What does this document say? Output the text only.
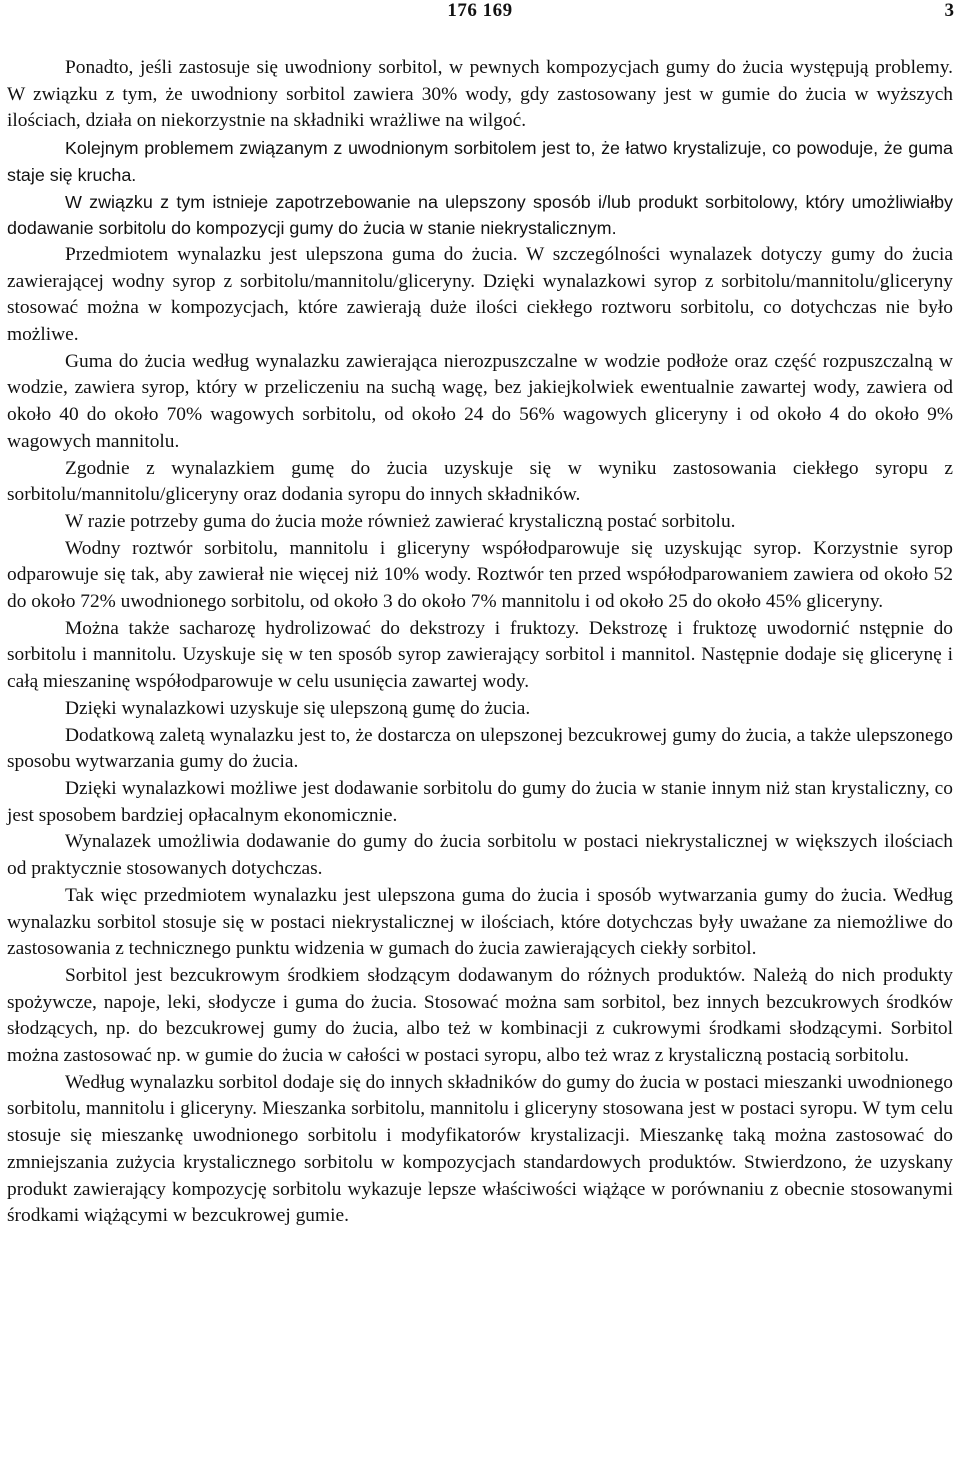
176 169	3

Ponadto, jeśli zastosuje się uwodniony sorbitol, w pewnych kompozycjach gumy do żucia występują problemy. W związku z tym, że uwodniony sorbitol zawiera 30% wody, gdy zastosowany jest w gumie do żucia w wyższych ilościach, działa on niekorzystnie na składniki wrażliwe na wilgoć.

Kolejnym problemem związanym z uwodnionym sorbitolem jest to, że łatwo krystalizuje, co powoduje, że guma staje się krucha.

W związku z tym istnieje zapotrzebowanie na ulepszony sposób i/lub produkt sorbitolowy, który umożliwiałby dodawanie sorbitolu do kompozycji gumy do żucia w stanie niekrystalicznym.

Przedmiotem wynalazku jest ulepszona guma do żucia. W szczególności wynalazek dotyczy gumy do żucia zawierającej wodny syrop z sorbitolu/mannitolu/gliceryny. Dzięki wynalazkowi syrop z sorbitolu/mannitolu/gliceryny stosować można w kompozycjach, które zawierają duże ilości ciekłego roztworu sorbitolu, co dotychczas nie było możliwe.

Guma do żucia według wynalazku zawierająca nierozpuszczalne w wodzie podłoże oraz część rozpuszczalną w wodzie, zawiera syrop, który w przeliczeniu na suchą wagę, bez jakiejkolwiek ewentualnie zawartej wody, zawiera od około 40 do około 70% wagowych sorbitolu, od około 24 do 56% wagowych gliceryny i od około 4 do około 9% wagowych mannitolu.

Zgodnie z wynalazkiem gumę do żucia uzyskuje się w wyniku zastosowania ciekłego syropu z sorbitolu/mannitolu/gliceryny oraz dodania syropu do innych składników.

W razie potrzeby guma do żucia może również zawierać krystaliczną postać sorbitolu.

Wodny roztwór sorbitolu, mannitolu i gliceryny współodparowuje się uzyskując syrop. Korzystnie syrop odparowuje się tak, aby zawierał nie więcej niż 10% wody. Roztwór ten przed współodparowaniem zawiera od około 52 do około 72% uwodnionego sorbitolu, od około 3 do około 7% mannitolu i od około 25 do około 45% gliceryny.

Można także sacharozę hydrolizować do dekstrozy i fruktozy. Dekstrozę i fruktozę uwodornić nstępnie do sorbitolu i mannitolu. Uzyskuje się w ten sposób syrop zawierający sorbitol i mannitol. Następnie dodaje się glicerynę i całą mieszaninę współodparowuje w celu usunięcia zawartej wody.

Dzięki wynalazkowi uzyskuje się ulepszoną gumę do żucia.

Dodatkową zaletą wynalazku jest to, że dostarcza on ulepszonej bezcukrowej gumy do żucia, a także ulepszonego sposobu wytwarzania gumy do żucia.

Dzięki wynalazkowi możliwe jest dodawanie sorbitolu do gumy do żucia w stanie innym niż stan krystaliczny, co jest sposobem bardziej opłacalnym ekonomicznie.

Wynalazek umożliwia dodawanie do gumy do żucia sorbitolu w postaci niekrystalicznej w większych ilościach od praktycznie stosowanych dotychczas.

Tak więc przedmiotem wynalazku jest ulepszona guma do żucia i sposób wytwarzania gumy do żucia. Według wynalazku sorbitol stosuje się w postaci niekrystalicznej w ilościach, które dotychczas były uważane za niemożliwe do zastosowania z technicznego punktu widzenia w gumach do żucia zawierających ciekły sorbitol.

Sorbitol jest bezcukrowym środkiem słodzącym dodawanym do różnych produktów. Należą do nich produkty spożywcze, napoje, leki, słodycze i guma do żucia. Stosować można sam sorbitol, bez innych bezcukrowych środków słodzących, np. do bezcukrowej gumy do żucia, albo też w kombinacji z cukrowymi środkami słodzącymi. Sorbitol można zastosować np. w gumie do żucia w całości w postaci syropu, albo też wraz z krystaliczną postacią sorbitolu.

Według wynalazku sorbitol dodaje się do innych składników do gumy do żucia w postaci mieszanki uwodnionego sorbitolu, mannitolu i gliceryny. Mieszanka sorbitolu, mannitolu i gliceryny stosowana jest w postaci syropu. W tym celu stosuje się mieszankę uwodnionego sorbitolu i modyfikatorów krystalizacji. Mieszankę taką można zastosować do zmniejszania zużycia krystalicznego sorbitolu w kompozycjach standardowych produktów. Stwierdzono, że uzyskany produkt zawierający kompozycję sorbitolu wykazuje lepsze właściwości wiążące w porównaniu z obecnie stosowanymi środkami wiążącymi w bezcukrowej gumie.
